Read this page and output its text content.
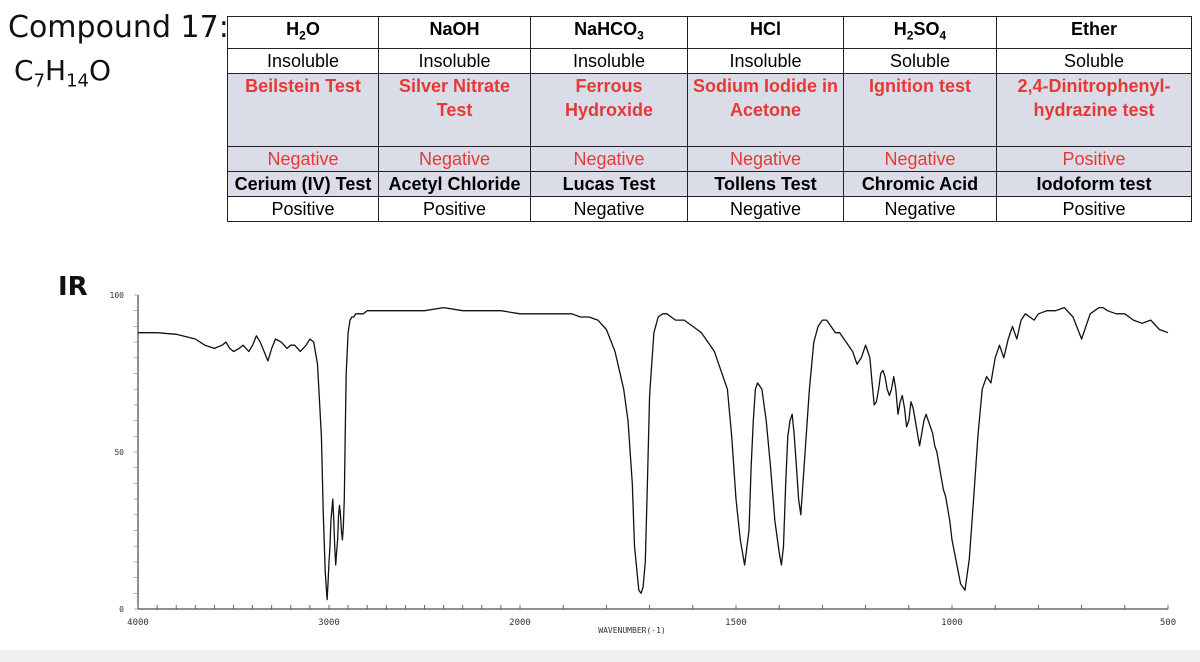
Compound 17:
$C_7H_{14}O$
$H_2O$	NaOH	NaHCO$_3$	HCl	$H_2SO_4$	Ether
Insoluble	Insoluble	Insoluble	Insoluble	Soluble	Soluble
Beilstein Test	Silver Nitrate Test	Ferrous Hydroxide	Sodium Iodide in Acetone	Ignition test	2,4-Dinitrophenyl-hydrazine test
Negative	Negative	Negative	Negative	Negative	Positive
Cerium (IV) Test	Acetyl Chloride	Lucas Test	Tollens Test	Chromic Acid	Iodoform test
Positive	Positive	Negative	Negative	Negative	Positive
IR
4000	3000	2000	1500	1000	500
100
50
0
WAVENUMBER(-1)
